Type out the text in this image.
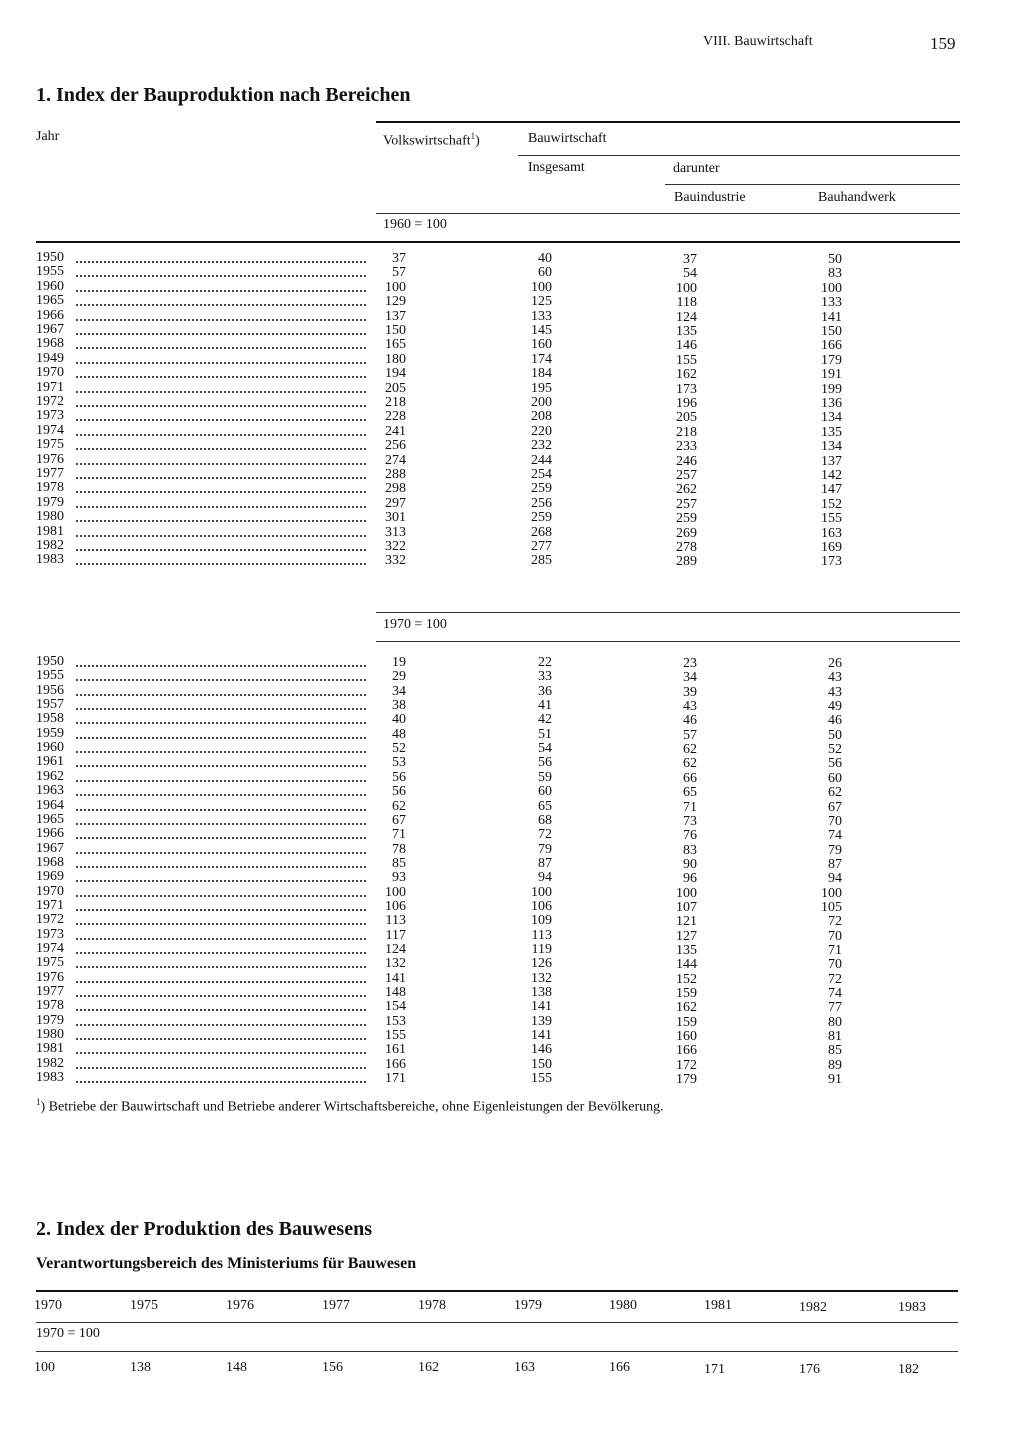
VIII. Bauwirtschaft	159
1. Index der Bauproduktion nach Bereichen
Jahr	Volkswirtschaft$^1$)	Bauwirtschaft
Insgesamt	darunter
Bauindustrie	Bauhandwerk
1960 = 100
1950	37	40	37	50
1955	57	60	54	83
1960	100	100	100	100
1965	129	125	118	133
1966	137	133	124	141
1967	150	145	135	150
1968	165	160	146	166
1949	180	174	155	179
1970	194	184	162	191
1971	205	195	173	199
1972	218	200	196	136
1973	228	208	205	134
1974	241	220	218	135
1975	256	232	233	134
1976	274	244	246	137
1977	288	254	257	142
1978	298	259	262	147
1979	297	256	257	152
1980	301	259	259	155
1981	313	268	269	163
1982	322	277	278	169
1983	332	285	289	173
1970 = 100
1950	19	22	23	26
1955	29	33	34	43
1956	34	36	39	43
1957	38	41	43	49
1958	40	42	46	46
1959	48	51	57	50
1960	52	54	62	52
1961	53	56	62	56
1962	56	59	66	60
1963	56	60	65	62
1964	62	65	71	67
1965	67	68	73	70
1966	71	72	76	74
1967	78	79	83	79
1968	85	87	90	87
1969	93	94	96	94
1970	100	100	100	100
1971	106	106	107	105
1972	113	109	121	72
1973	117	113	127	70
1974	124	119	135	71
1975	132	126	144	70
1976	141	132	152	72
1977	148	138	159	74
1978	154	141	162	77
1979	153	139	159	80
1980	155	141	160	81
1981	161	146	166	85
1982	166	150	172	89
1983	171	155	179	91
$^1$) Betriebe der Bauwirtschaft und Betriebe anderer Wirtschaftsbereiche, ohne Eigenleistungen der Bevölkerung.
2. Index der Produktion des Bauwesens
Verantwortungsbereich des Ministeriums für Bauwesen
1970	1975	1976	1977	1978	1979	1980	1981	1982	1983
1970 = 100
100	138	148	156	162	163	166	171	176	182
